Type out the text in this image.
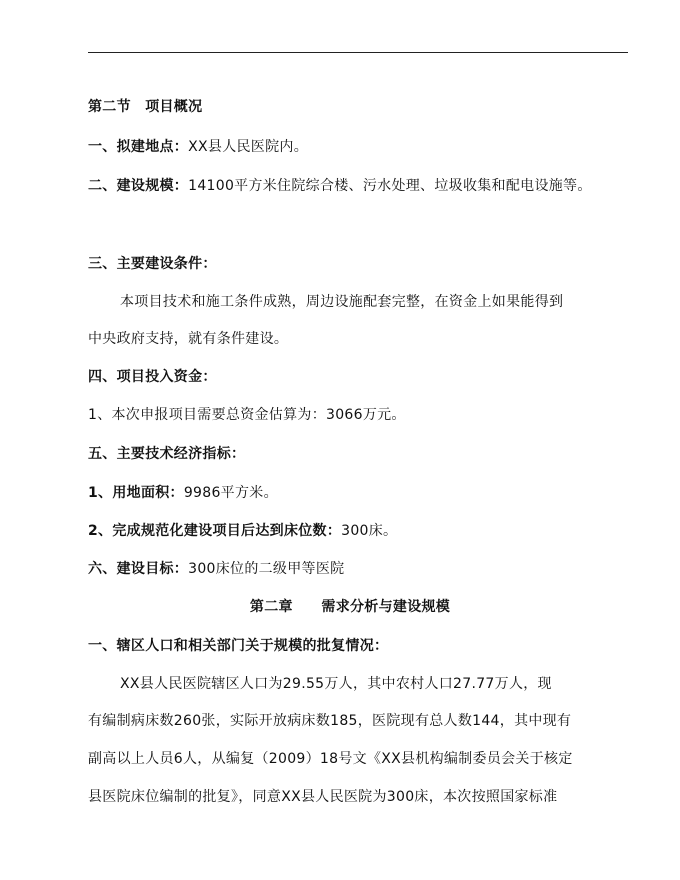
第二节　项目概况
一、拟建地点：XX县人民医院内。
二、建设规模：14100平方米住院综合楼、污水处理、垃圾收集和配电设施等。
三、主要建设条件：
本项目技术和施工条件成熟，周边设施配套完整，在资金上如果能得到
中央政府支持，就有条件建设。
四、项目投入资金：
1、本次申报项目需要总资金估算为：3066万元。
五、主要技术经济指标：
1、用地面积：9986平方米。
2、完成规范化建设项目后达到床位数：300床。
六、建设目标：300床位的二级甲等医院
第二章　　需求分析与建设规模
一、辖区人口和相关部门关于规模的批复情况：
XX县人民医院辖区人口为29.55万人，其中农村人口27.77万人，现
有编制病床数260张，实际开放病床数185，医院现有总人数144，其中现有
副高以上人员6人，从编复（2009）18号文《XX县机构编制委员会关于核定
县医院床位编制的批复》，同意XX县人民医院为300床，本次按照国家标准
